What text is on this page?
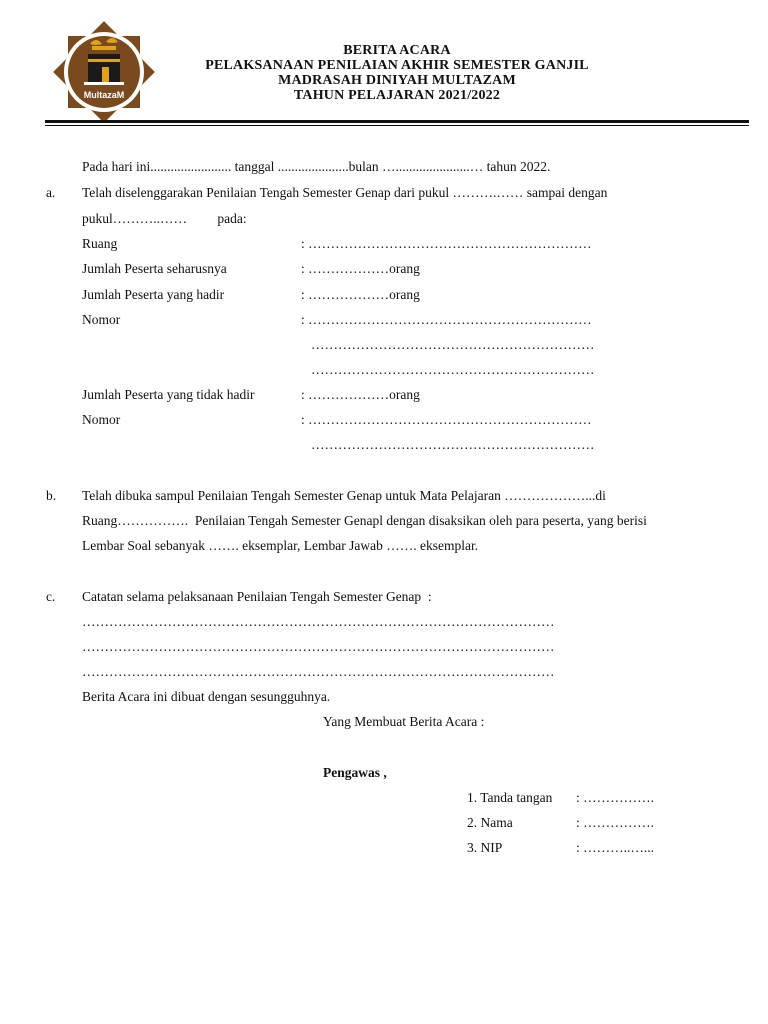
MultazaM
BERITA ACARA
PELAKSANAAN PENILAIAN AKHIR SEMESTER GANJIL
MADRASAH DINIYAH MULTAZAM
TAHUN PELAJARAN 2021/2022
Pada hari ini........................ tanggal .....................bulan …......................… tahun 2022.
a. Telah diselenggarakan Penilaian Tengah Semester Genap dari pukul ……….…… sampai dengan
pukul………..……         pada:
Ruang	: ………………………………………………………
Jumlah Peserta seharusnya	: ………………orang
Jumlah Peserta yang hadir	: ………………orang
Nomor	: ………………………………………………………
………………………………………………………
………………………………………………………
Jumlah Peserta yang tidak hadir	: ………………orang
Nomor	: ………………………………………………………
………………………………………………………
b. Telah dibuka sampul Penilaian Tengah Semester Genap untuk Mata Pelajaran ………………...di
Ruang…………….  Penilaian Tengah Semester Genapl dengan disaksikan oleh para peserta, yang berisi
Lembar Soal sebanyak ……. eksemplar, Lembar Jawab ……. eksemplar.
c. Catatan selama pelaksanaan Penilaian Tengah Semester Genap  :
……………………………………………………………………………………………
……………………………………………………………………………………………
……………………………………………………………………………………………
Berita Acara ini dibuat dengan sesungguhnya.
Yang Membuat Berita Acara :
Pengawas ,
1. Tanda tangan : …………….
2. Nama	: …………….
3. NIP	: ………..…...
